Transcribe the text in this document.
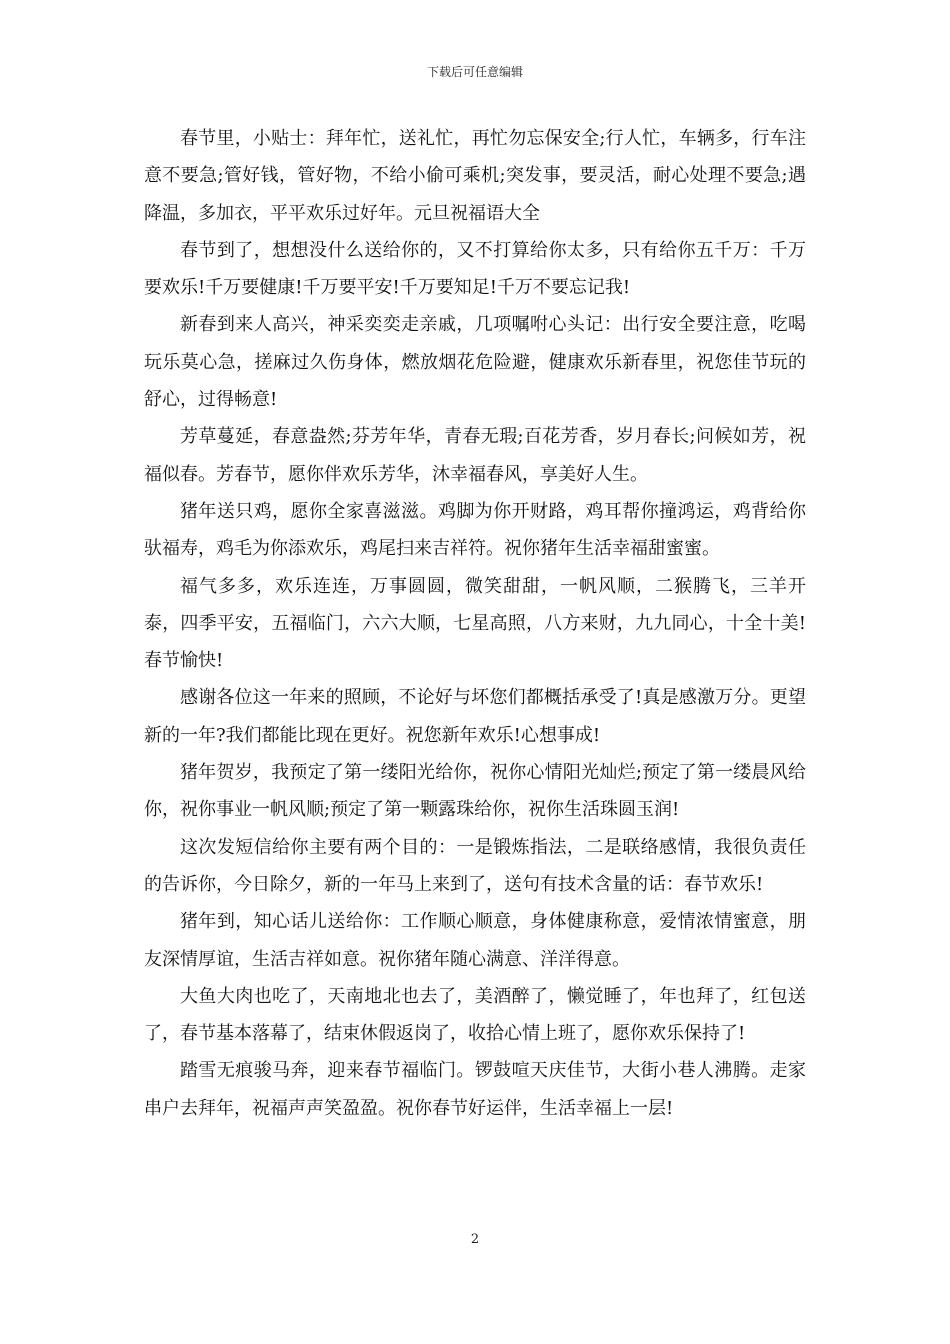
下载后可任意编辑

春节里，小贴士：拜年忙，送礼忙，再忙勿忘保安全;行人忙，车辆多，行车注意不要急;管好钱，管好物，不给小偷可乘机;突发事，要灵活，耐心处理不要急;遇降温，多加衣，平平欢乐过好年。元旦祝福语大全

春节到了，想想没什么送给你的，又不打算给你太多，只有给你五千万：千万要欢乐!千万要健康!千万要平安!千万要知足!千万不要忘记我!

新春到来人高兴，神采奕奕走亲戚，几项嘱咐心头记：出行安全要注意，吃喝玩乐莫心急，搓麻过久伤身体，燃放烟花危险避，健康欢乐新春里，祝您佳节玩的舒心，过得畅意!

芳草蔓延，春意盎然;芬芳年华，青春无瑕;百花芳香，岁月春长;问候如芳，祝福似春。芳春节，愿你伴欢乐芳华，沐幸福春风，享美好人生。

猪年送只鸡，愿你全家喜滋滋。鸡脚为你开财路，鸡耳帮你撞鸿运，鸡背给你驮福寿，鸡毛为你添欢乐，鸡尾扫来吉祥符。祝你猪年生活幸福甜蜜蜜。

福气多多，欢乐连连，万事圆圆，微笑甜甜，一帆风顺，二猴腾飞，三羊开泰，四季平安，五福临门，六六大顺，七星高照，八方来财，九九同心，十全十美!春节愉快!

感谢各位这一年来的照顾，不论好与坏您们都概括承受了!真是感激万分。更望新的一年?我们都能比现在更好。祝您新年欢乐!心想事成!

猪年贺岁，我预定了第一缕阳光给你，祝你心情阳光灿烂;预定了第一缕晨风给你，祝你事业一帆风顺;预定了第一颗露珠给你，祝你生活珠圆玉润!

这次发短信给你主要有两个目的：一是锻炼指法，二是联络感情，我很负责任的告诉你，今日除夕，新的一年马上来到了，送句有技术含量的话：春节欢乐!

猪年到，知心话儿送给你：工作顺心顺意，身体健康称意，爱情浓情蜜意，朋友深情厚谊，生活吉祥如意。祝你猪年随心满意、洋洋得意。

大鱼大肉也吃了，天南地北也去了，美酒醉了，懒觉睡了，年也拜了，红包送了，春节基本落幕了，结束休假返岗了，收拾心情上班了，愿你欢乐保持了!

踏雪无痕骏马奔，迎来春节福临门。锣鼓喧天庆佳节，大街小巷人沸腾。走家串户去拜年，祝福声声笑盈盈。祝你春节好运伴，生活幸福上一层!

2
